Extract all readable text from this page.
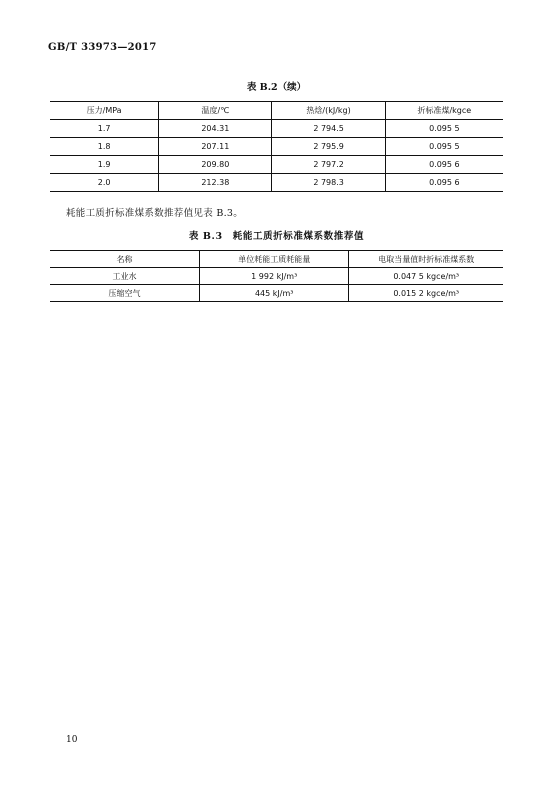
GB/T 33973—2017
表 B.2（续）
压力/MPa	温度/℃	热焓/(kJ/kg)	折标准煤/kgce
1.7	204.31	2 794.5	0.095 5
1.8	207.11	2 795.9	0.095 5
1.9	209.80	2 797.2	0.095 6
2.0	212.38	2 798.3	0.095 6
耗能工质折标准煤系数推荐值见表 B.3。
表 B.3　耗能工质折标准煤系数推荐值
名称	单位耗能工质耗能量	电取当量值时折标准煤系数
工业水	1 992 kJ/m³	0.047 5 kgce/m³
压缩空气	445 kJ/m³	0.015 2 kgce/m³
10
